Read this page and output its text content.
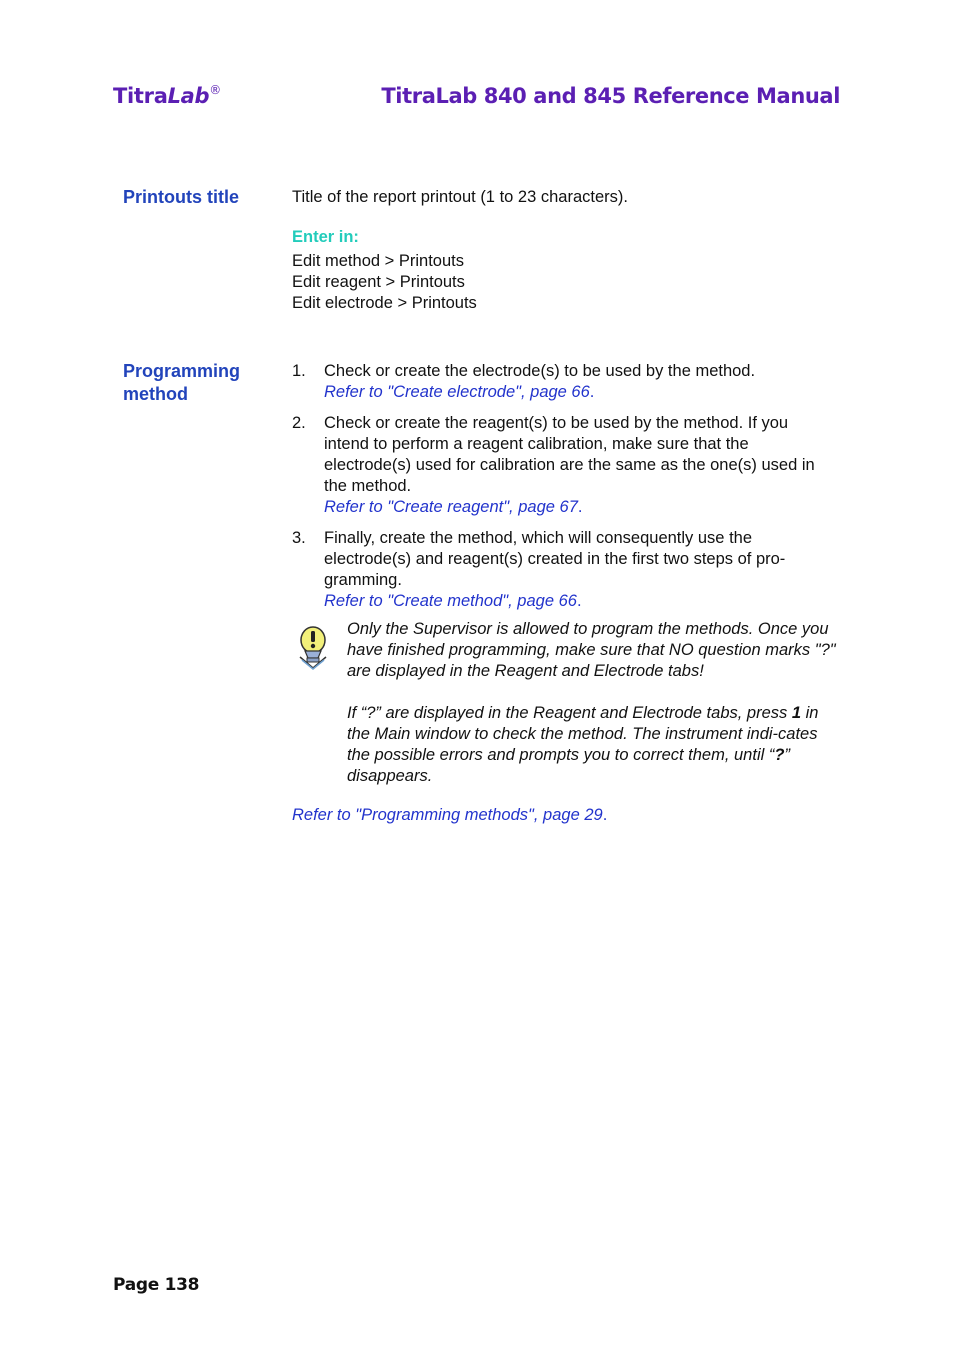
TitraLab®	TitraLab 840 and 845 Reference Manual
Printouts title	Title of the report printout (1 to 23 characters).
Enter in:
Edit method > Printouts
Edit reagent > Printouts
Edit electrode > Printouts
Programming
method
1. Check or create the electrode(s) to be used by the method.
Refer to "Create electrode", page 66.
2. Check or create the reagent(s) to be used by the method. If you intend to perform a reagent calibration, make sure that the electrode(s) used for calibration are the same as the one(s) used in the method.
Refer to "Create reagent", page 67.
3. Finally, create the method, which will consequently use the electrode(s) and reagent(s) created in the first two steps of pro-gramming.
Refer to "Create method", page 66.

Only the Supervisor is allowed to program the methods. Once you have finished programming, make sure that NO question marks "?" are displayed in the Reagent and Electrode tabs!

If “?” are displayed in the Reagent and Electrode tabs, press 1 in the Main window to check the method. The instrument indi-cates the possible errors and prompts you to correct them, until “?” disappears.

Refer to "Programming methods", page 29.
Page 138
